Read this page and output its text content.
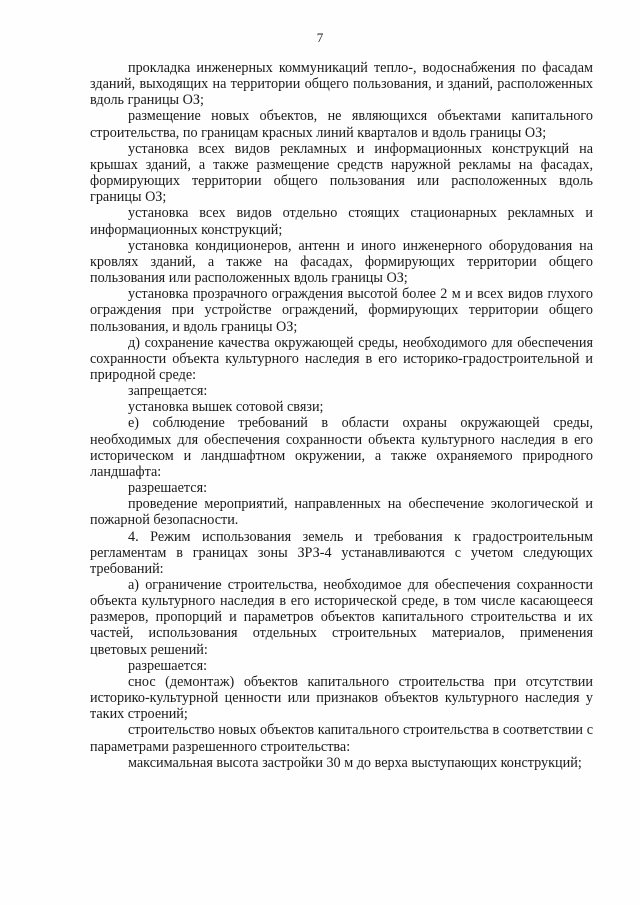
7

прокладка инженерных коммуникаций тепло-, водоснабжения по фасадам зданий, выходящих на территории общего пользования, и зданий, расположенных вдоль границы ОЗ;

размещение новых объектов, не являющихся объектами капитального строительства, по границам красных линий кварталов и вдоль границы ОЗ;

установка всех видов рекламных и информационных конструкций на крышах зданий, а также размещение средств наружной рекламы на фасадах, формирующих территории общего пользования или расположенных вдоль границы ОЗ;

установка всех видов отдельно стоящих стационарных рекламных и информационных конструкций;

установка кондиционеров, антенн и иного инженерного оборудования на кровлях зданий, а также на фасадах, формирующих территории общего пользования или расположенных вдоль границы ОЗ;

установка прозрачного ограждения высотой более 2 м и всех видов глухого ограждения при устройстве ограждений, формирующих территории общего пользования, и вдоль границы ОЗ;

д) сохранение качества окружающей среды, необходимого для обеспечения сохранности объекта культурного наследия в его историко-градостроительной и природной среде:

запрещается:

установка вышек сотовой связи;

е) соблюдение требований в области охраны окружающей среды, необходимых для обеспечения сохранности объекта культурного наследия в его историческом и ландшафтном окружении, а также охраняемого природного ландшафта:

разрешается:

проведение мероприятий, направленных на обеспечение экологической и пожарной безопасности.

4. Режим использования земель и требования к градостроительным регламентам в границах зоны ЗРЗ-4 устанавливаются с учетом следующих требований:

а) ограничение строительства, необходимое для обеспечения сохранности объекта культурного наследия в его исторической среде, в том числе касающееся размеров, пропорций и параметров объектов капитального строительства и их частей, использования отдельных строительных материалов, применения цветовых решений:

разрешается:

снос (демонтаж) объектов капитального строительства при отсутствии историко-культурной ценности или признаков объектов культурного наследия у таких строений;

строительство новых объектов капитального строительства в соответствии с параметрами разрешенного строительства:

максимальная высота застройки 30 м до верха выступающих конструкций;
